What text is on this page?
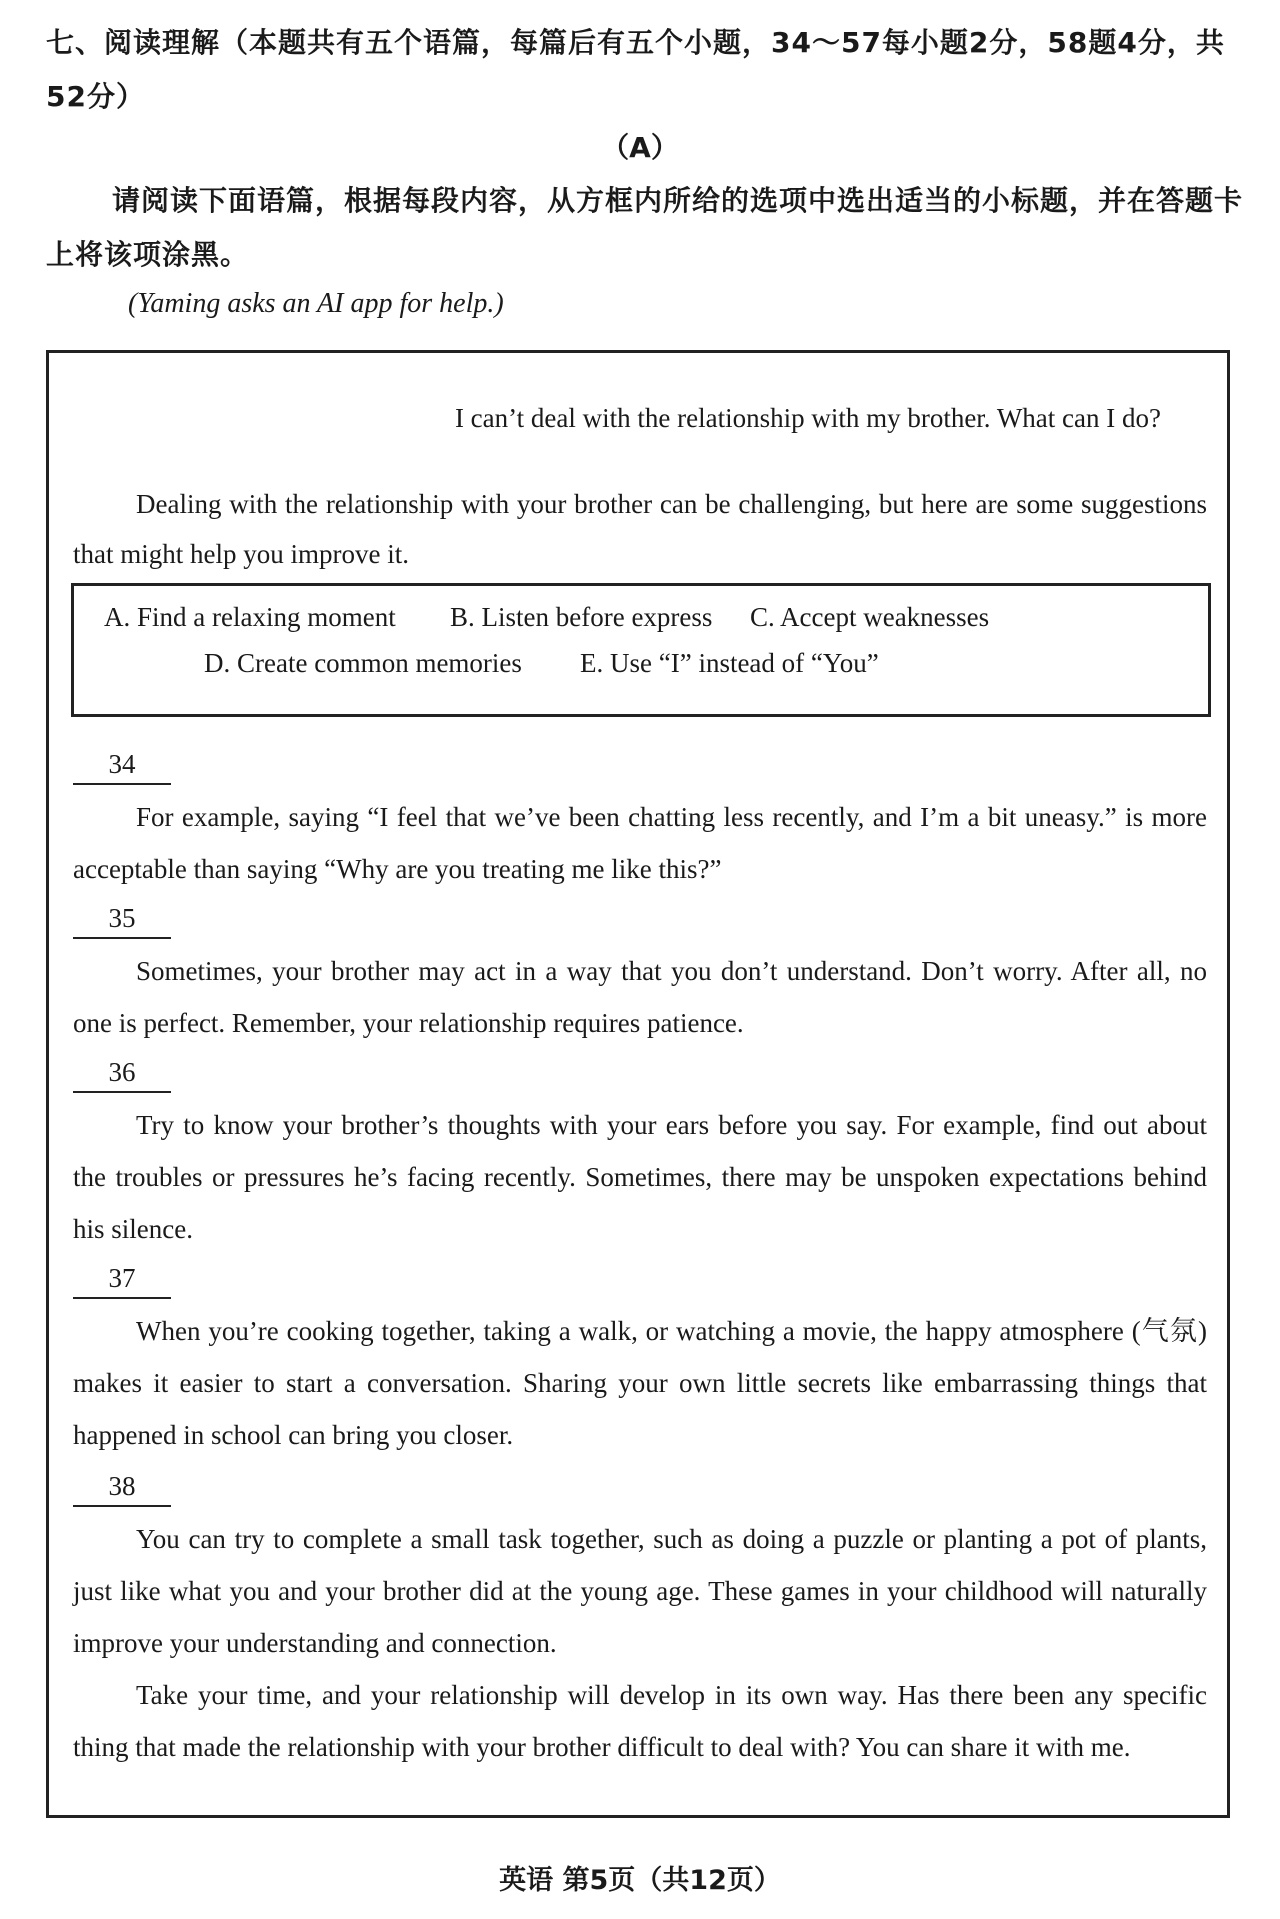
七、阅读理解（本题共有五个语篇，每篇后有五个小题，34～57每小题2分，58题4分，共52分）
（A）
请阅读下面语篇，根据每段内容，从方框内所给的选项中选出适当的小标题，并在答题卡上将该项涂黑。
(Yaming asks an AI app for help.)
I can’t deal with the relationship with my brother. What can I do?
Dealing with the relationship with your brother can be challenging, but here are some suggestions that might help you improve it.
A. Find a relaxing moment B. Listen before express C. Accept weaknesses
D. Create common memories E. Use “I” instead of “You”
34
For example, saying “I feel that we’ve been chatting less recently, and I’m a bit uneasy.” is more acceptable than saying “Why are you treating me like this?”
35
Sometimes, your brother may act in a way that you don’t understand. Don’t worry. After all, no one is perfect. Remember, your relationship requires patience.
36
Try to know your brother’s thoughts with your ears before you say. For example, find out about the troubles or pressures he’s facing recently. Sometimes, there may be unspoken expectations behind his silence.
37
When you’re cooking together, taking a walk, or watching a movie, the happy atmosphere (气氛) makes it easier to start a conversation. Sharing your own little secrets like embarrassing things that happened in school can bring you closer.
38
You can try to complete a small task together, such as doing a puzzle or planting a pot of plants, just like what you and your brother did at the young age. These games in your childhood will naturally improve your understanding and connection.
Take your time, and your relationship will develop in its own way. Has there been any specific thing that made the relationship with your brother difficult to deal with? You can share it with me.
英语 第5页（共12页）
